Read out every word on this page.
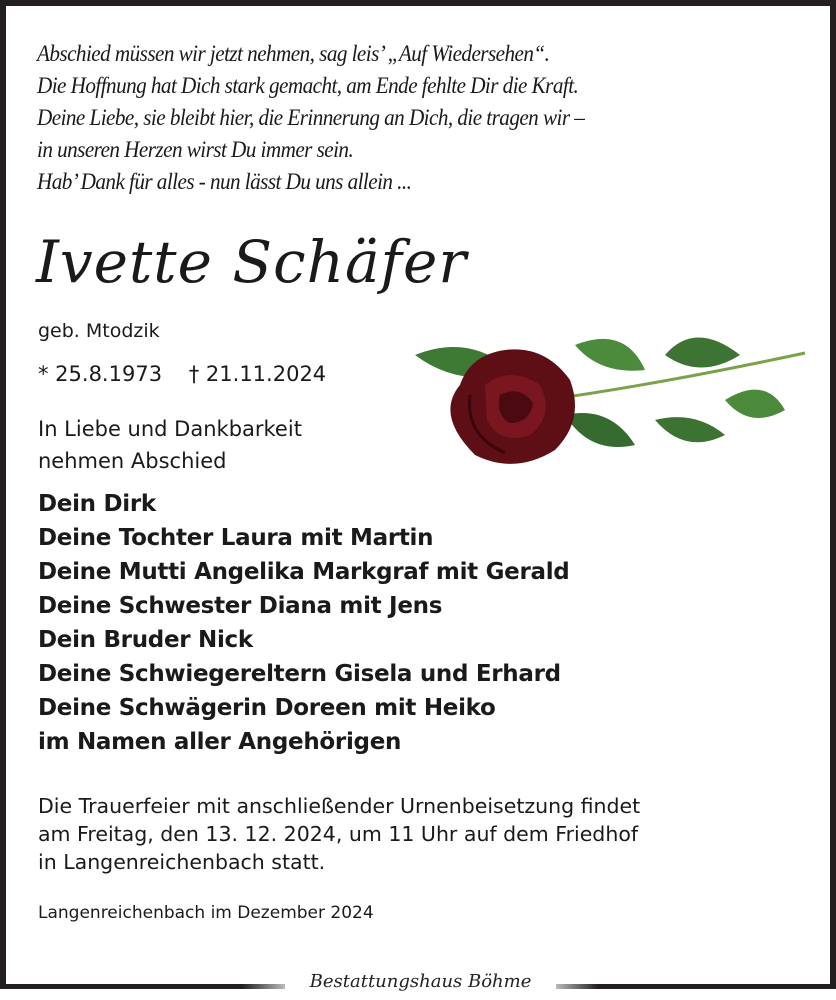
Abschied müssen wir jetzt nehmen, sag leis’ „Auf Wiedersehen“.
Die Hoffnung hat Dich stark gemacht, am Ende fehlte Dir die Kraft.
Deine Liebe, sie bleibt hier, die Erinnerung an Dich, die tragen wir –
in unseren Herzen wirst Du immer sein.
Hab’ Dank für alles - nun lässt Du uns allein ...
Ivette Schäfer
geb. Mtodzik
* 25.8.1973 † 21.11.2024
In Liebe und Dankbarkeit
nehmen Abschied
Dein Dirk
Deine Tochter Laura mit Martin
Deine Mutti Angelika Markgraf mit Gerald
Deine Schwester Diana mit Jens
Dein Bruder Nick
Deine Schwiegereltern Gisela und Erhard
Deine Schwägerin Doreen mit Heiko
im Namen aller Angehörigen
Die Trauerfeier mit anschließender Urnenbeisetzung findet
am Freitag, den 13. 12. 2024, um 11 Uhr auf dem Friedhof
in Langenreichenbach statt.
Langenreichenbach im Dezember 2024
Bestattungshaus Böhme
